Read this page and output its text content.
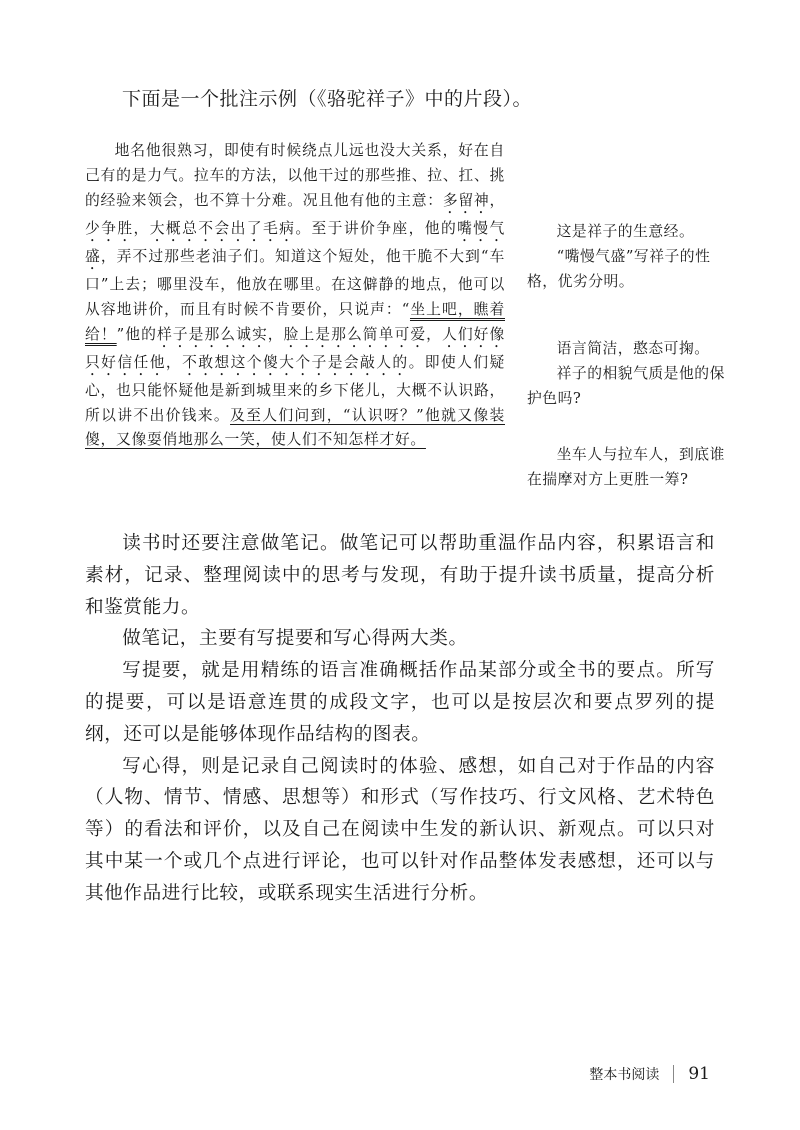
下面是一个批注示例（《骆驼祥子》中的片段）。

地名他很熟习，即使有时候绕点儿远也没大关系，好在自己有的是力气。拉车的方法，以他干过的那些推、拉、扛、挑的经验来领会，也不算十分难。况且他有他的主意：多留神，少争胜，大概总不会出了毛病。至于讲价争座，他的嘴慢气盛，弄不过那些老油子们。知道这个短处，他干脆不大到“车口”上去；哪里没车，他放在哪里。在这僻静的地点，他可以从容地讲价，而且有时候不肯要价，只说声：“坐上吧，瞧着给！”他的样子是那么诚实，脸上是那么简单可爱，人们好像只好信任他，不敢想这个傻大个子是会敲人的。即使人们疑心，也只能怀疑他是新到城里来的乡下佬儿，大概不认识路，所以讲不出价钱来。及至人们问到，“认识呀？”他就又像装傻，又像耍俏地那么一笑，使人们不知怎样才好。

这是祥子的生意经。
“嘴慢气盛”写祥子的性格，优劣分明。

语言简洁，憨态可掬。
祥子的相貌气质是他的保护色吗?

坐车人与拉车人，到底谁在揣摩对方上更胜一筹?

读书时还要注意做笔记。做笔记可以帮助重温作品内容，积累语言和素材，记录、整理阅读中的思考与发现，有助于提升读书质量，提高分析和鉴赏能力。

做笔记，主要有写提要和写心得两大类。

写提要，就是用精练的语言准确概括作品某部分或全书的要点。所写的提要，可以是语意连贯的成段文字，也可以是按层次和要点罗列的提纲，还可以是能够体现作品结构的图表。

写心得，则是记录自己阅读时的体验、感想，如自己对于作品的内容（人物、情节、情感、思想等）和形式（写作技巧、行文风格、艺术特色等）的看法和评价，以及自己在阅读中生发的新认识、新观点。可以只对其中某一个或几个点进行评论，也可以针对作品整体发表感想，还可以与其他作品进行比较，或联系现实生活进行分析。

整本书阅读 91
